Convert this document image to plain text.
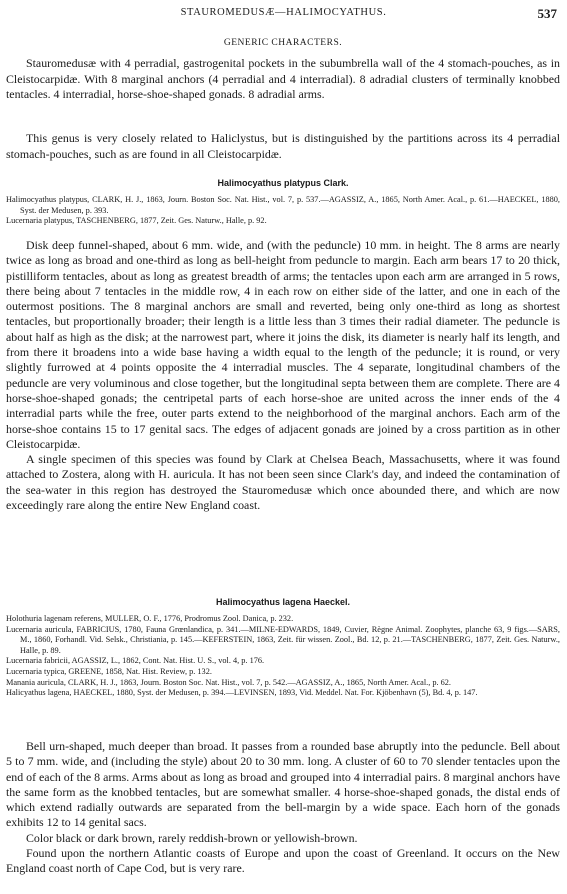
STAUROMEDUSÆ—HALIMOCYATHUS.	537
GENERIC CHARACTERS.
Stauromedusæ with 4 perradial, gastrogenital pockets in the subumbrella wall of the 4 stomach-pouches, as in Cleistocarpidæ. With 8 marginal anchors (4 perradial and 4 interradial). 8 adradial clusters of terminally knobbed tentacles. 4 interradial, horse-shoe-shaped gonads. 8 adradial arms.
This genus is very closely related to Haliclystus, but is distinguished by the partitions across its 4 perradial stomach-pouches, such as are found in all Cleistocarpidæ.
Halimocyathus platypus Clark.
Halimocyathus platypus, CLARK, H. J., 1863, Journ. Boston Soc. Nat. Hist., vol. 7, p. 537.—AGASSIZ, A., 1865, North Amer. Acal., p. 61.—HAECKEL, 1880, Syst. der Medusen, p. 393.
Lucernaria platypus, TASCHENBERG, 1877, Zeit. Ges. Naturw., Halle, p. 92.

Disk deep funnel-shaped, about 6 mm. wide, and (with the peduncle) 10 mm. in height. The 8 arms are nearly twice as long as broad and one-third as long as bell-height from peduncle to margin. Each arm bears 17 to 20 thick, pistilliform tentacles, about as long as greatest breadth of arms; the tentacles upon each arm are arranged in 5 rows, there being about 7 tentacles in the middle row, 4 in each row on either side of the latter, and one in each of the outermost positions. The 8 marginal anchors are small and reverted, being only one-third as long as shortest tentacles, but proportionally broader; their length is a little less than 3 times their radial diameter. The peduncle is about half as high as the disk; at the narrowest part, where it joins the disk, its diameter is nearly half its length, and from there it broadens into a wide base having a width equal to the length of the peduncle; it is round, or very slightly furrowed at 4 points opposite the 4 interradial muscles. The 4 separate, longitudinal chambers of the peduncle are very voluminous and close together, but the longitudinal septa between them are complete. There are 4 horse-shoe-shaped gonads; the centripetal parts of each horse-shoe are united across the inner ends of the 4 interradial parts while the free, outer parts extend to the neighborhood of the marginal anchors. Each arm of the horse-shoe contains 15 to 17 genital sacs. The edges of adjacent gonads are joined by a cross partition as in other Cleistocarpidæ.

A single specimen of this species was found by Clark at Chelsea Beach, Massachusetts, where it was found attached to Zostera, along with H. auricula. It has not been seen since Clark's day, and indeed the contamination of the sea-water in this region has destroyed the Stauromedusæ which once abounded there, and which are now exceedingly rare along the entire New England coast.

Halimocyathus lagena Haeckel.
Holothuria lagenam referens, MULLER, O. F., 1776, Prodromus Zool. Danica, p. 232.
Lucernaria auricula, FABRICIUS, 1780, Fauna Grœnlandica, p. 341.—MILNE-EDWARDS, 1849, Cuvier, Règne Animal. Zoophytes, planche 63, 9 figs.—SARS, M., 1860, Forhandl. Vid. Selsk., Christiania, p. 145.—KEFERSTEIN, 1863, Zeit. für wissen. Zool., Bd. 12, p. 21.—TASCHENBERG, 1877, Zeit. Ges. Naturw., Halle, p. 89.
Lucernaria fabricii, AGASSIZ, L., 1862, Cont. Nat. Hist. U. S., vol. 4, p. 176.
Lucernaria typica, GREENE, 1858, Nat. Hist. Review, p. 132.
Manania auricula, CLARK, H. J., 1863, Journ. Boston Soc. Nat. Hist., vol. 7, p. 542.—AGASSIZ, A., 1865, North Amer. Acal., p. 62.
Halicyathus lagena, HAECKEL, 1880, Syst. der Medusen, p. 394.—LEVINSEN, 1893, Vid. Meddel. Nat. For. Kjöbenhavn (5), Bd. 4, p. 147.

Bell urn-shaped, much deeper than broad. It passes from a rounded base abruptly into the peduncle. Bell about 5 to 7 mm. wide, and (including the style) about 20 to 30 mm. long. A cluster of 60 to 70 slender tentacles upon the end of each of the 8 arms. Arms about as long as broad and grouped into 4 interradial pairs. 8 marginal anchors have the same form as the knobbed tentacles, but are somewhat smaller. 4 horse-shoe-shaped gonads, the distal ends of which extend radially outwards are separated from the bell-margin by a wide space. Each horn of the gonads exhibits 12 to 14 genital sacs.

Color black or dark brown, rarely reddish-brown or yellowish-brown.

Found upon the northern Atlantic coasts of Europe and upon the coast of Greenland. It occurs on the New England coast north of Cape Cod, but is very rare.
